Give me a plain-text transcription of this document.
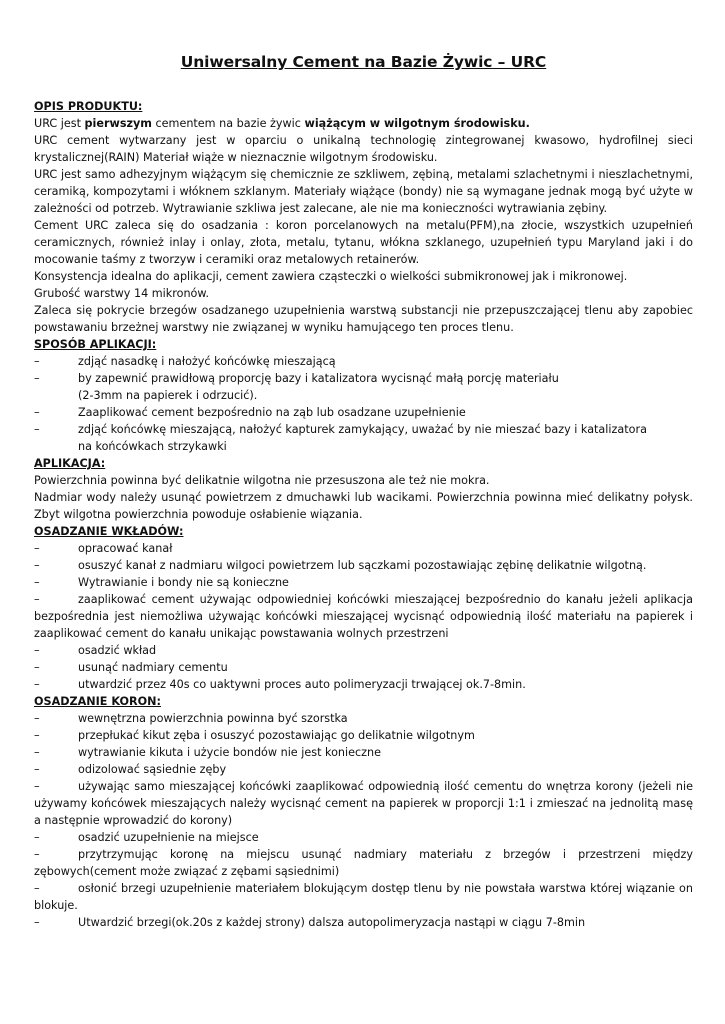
Uniwersalny Cement na Bazie Żywic – URC
OPIS PRODUKTU:

URC jest pierwszym cementem na bazie żywic wiążącym w wilgotnym środowisku.

URC cement wytwarzany jest w oparciu o unikalną technologię zintegrowanej kwasowo, hydrofilnej sieci krystalicznej(RAIN) Materiał wiąże w nieznacznie wilgotnym środowisku.

URC jest samo adhezyjnym wiążącym się chemicznie ze szkliwem, zębiną, metalami szlachetnymi i nieszlachetnymi, ceramiką, kompozytami i włóknem szklanym. Materiały wiążące (bondy) nie są wymagane jednak mogą być użyte w zależności od potrzeb. Wytrawianie szkliwa jest zalecane, ale nie ma konieczności wytrawiania zębiny.

Cement URC zaleca się do osadzania : koron porcelanowych na metalu(PFM),na złocie, wszystkich uzupełnień ceramicznych, również inlay i onlay, złota, metalu, tytanu, włókna szklanego, uzupełnień typu Maryland jaki i do mocowanie taśmy z tworzyw i ceramiki oraz metalowych retainerów.

Konsystencja idealna do aplikacji, cement zawiera cząsteczki o wielkości submikronowej jak i mikronowej.

Grubość warstwy 14 mikronów.

Zaleca się pokrycie brzegów osadzanego uzupełnienia warstwą substancji nie przepuszczającej tlenu aby zapobiec powstawaniu brzeżnej warstwy nie związanej w wyniku hamującego ten proces tlenu.

SPOSÓB APLIKACJI:
–	zdjąć nasadkę i nałożyć końcówkę mieszającą
–	by zapewnić prawidłową proporcję bazy i katalizatora wycisnąć małą porcję materiału
(2-3mm na papierek i odrzucić).
–	Zaaplikować cement bezpośrednio na ząb lub osadzane uzupełnienie
–	zdjąć końcówkę mieszającą, nałożyć kapturek zamykający, uważać by nie mieszać bazy i katalizatora
na końcówkach strzykawki
APLIKACJA:

Powierzchnia powinna być delikatnie wilgotna nie przesuszona ale też nie mokra.

Nadmiar wody należy usunąć powietrzem z dmuchawki lub wacikami. Powierzchnia powinna mieć delikatny połysk. Zbyt wilgotna powierzchnia powoduje osłabienie wiązania.

OSADZANIE WKŁADÓW:
–	opracować kanał
–	osuszyć kanał z nadmiaru wilgoci powietrzem lub sączkami pozostawiając zębinę delikatnie wilgotną.
–	Wytrawianie i bondy nie są konieczne
–	zaaplikować cement używając odpowiedniej końcówki mieszającej bezpośrednio do kanału jeżeli aplikacja bezpośrednia jest niemożliwa używając końcówki mieszającej wycisnąć odpowiednią ilość materiału na papierek i zaaplikować cement do kanału unikając powstawania wolnych przestrzeni
–	osadzić wkład
–	usunąć nadmiary cementu
–	utwardzić przez 40s co uaktywni proces auto polimeryzacji trwającej ok.7-8min.
OSADZANIE KORON:
–	wewnętrzna powierzchnia powinna być szorstka
–	przepłukać kikut zęba i osuszyć pozostawiając go delikatnie wilgotnym
–	wytrawianie kikuta i użycie bondów nie jest konieczne
–	odizolować sąsiednie zęby
–	używając samo mieszającej końcówki zaaplikować odpowiednią ilość cementu do wnętrza korony (jeżeli nie używamy końcówek mieszających należy wycisnąć cement na papierek w proporcji 1:1 i zmieszać na jednolitą masę a następnie wprowadzić do korony)
–	osadzić uzupełnienie na miejsce
–	przytrzymując koronę na miejscu usunąć nadmiary materiału z brzegów i przestrzeni między zębowych(cement może związać z zębami sąsiednimi)
–	osłonić brzegi uzupełnienie materiałem blokującym dostęp tlenu by nie powstała warstwa której wiązanie on blokuje.
–	Utwardzić brzegi(ok.20s z każdej strony) dalsza autopolimeryzacja nastąpi w ciągu 7-8min
